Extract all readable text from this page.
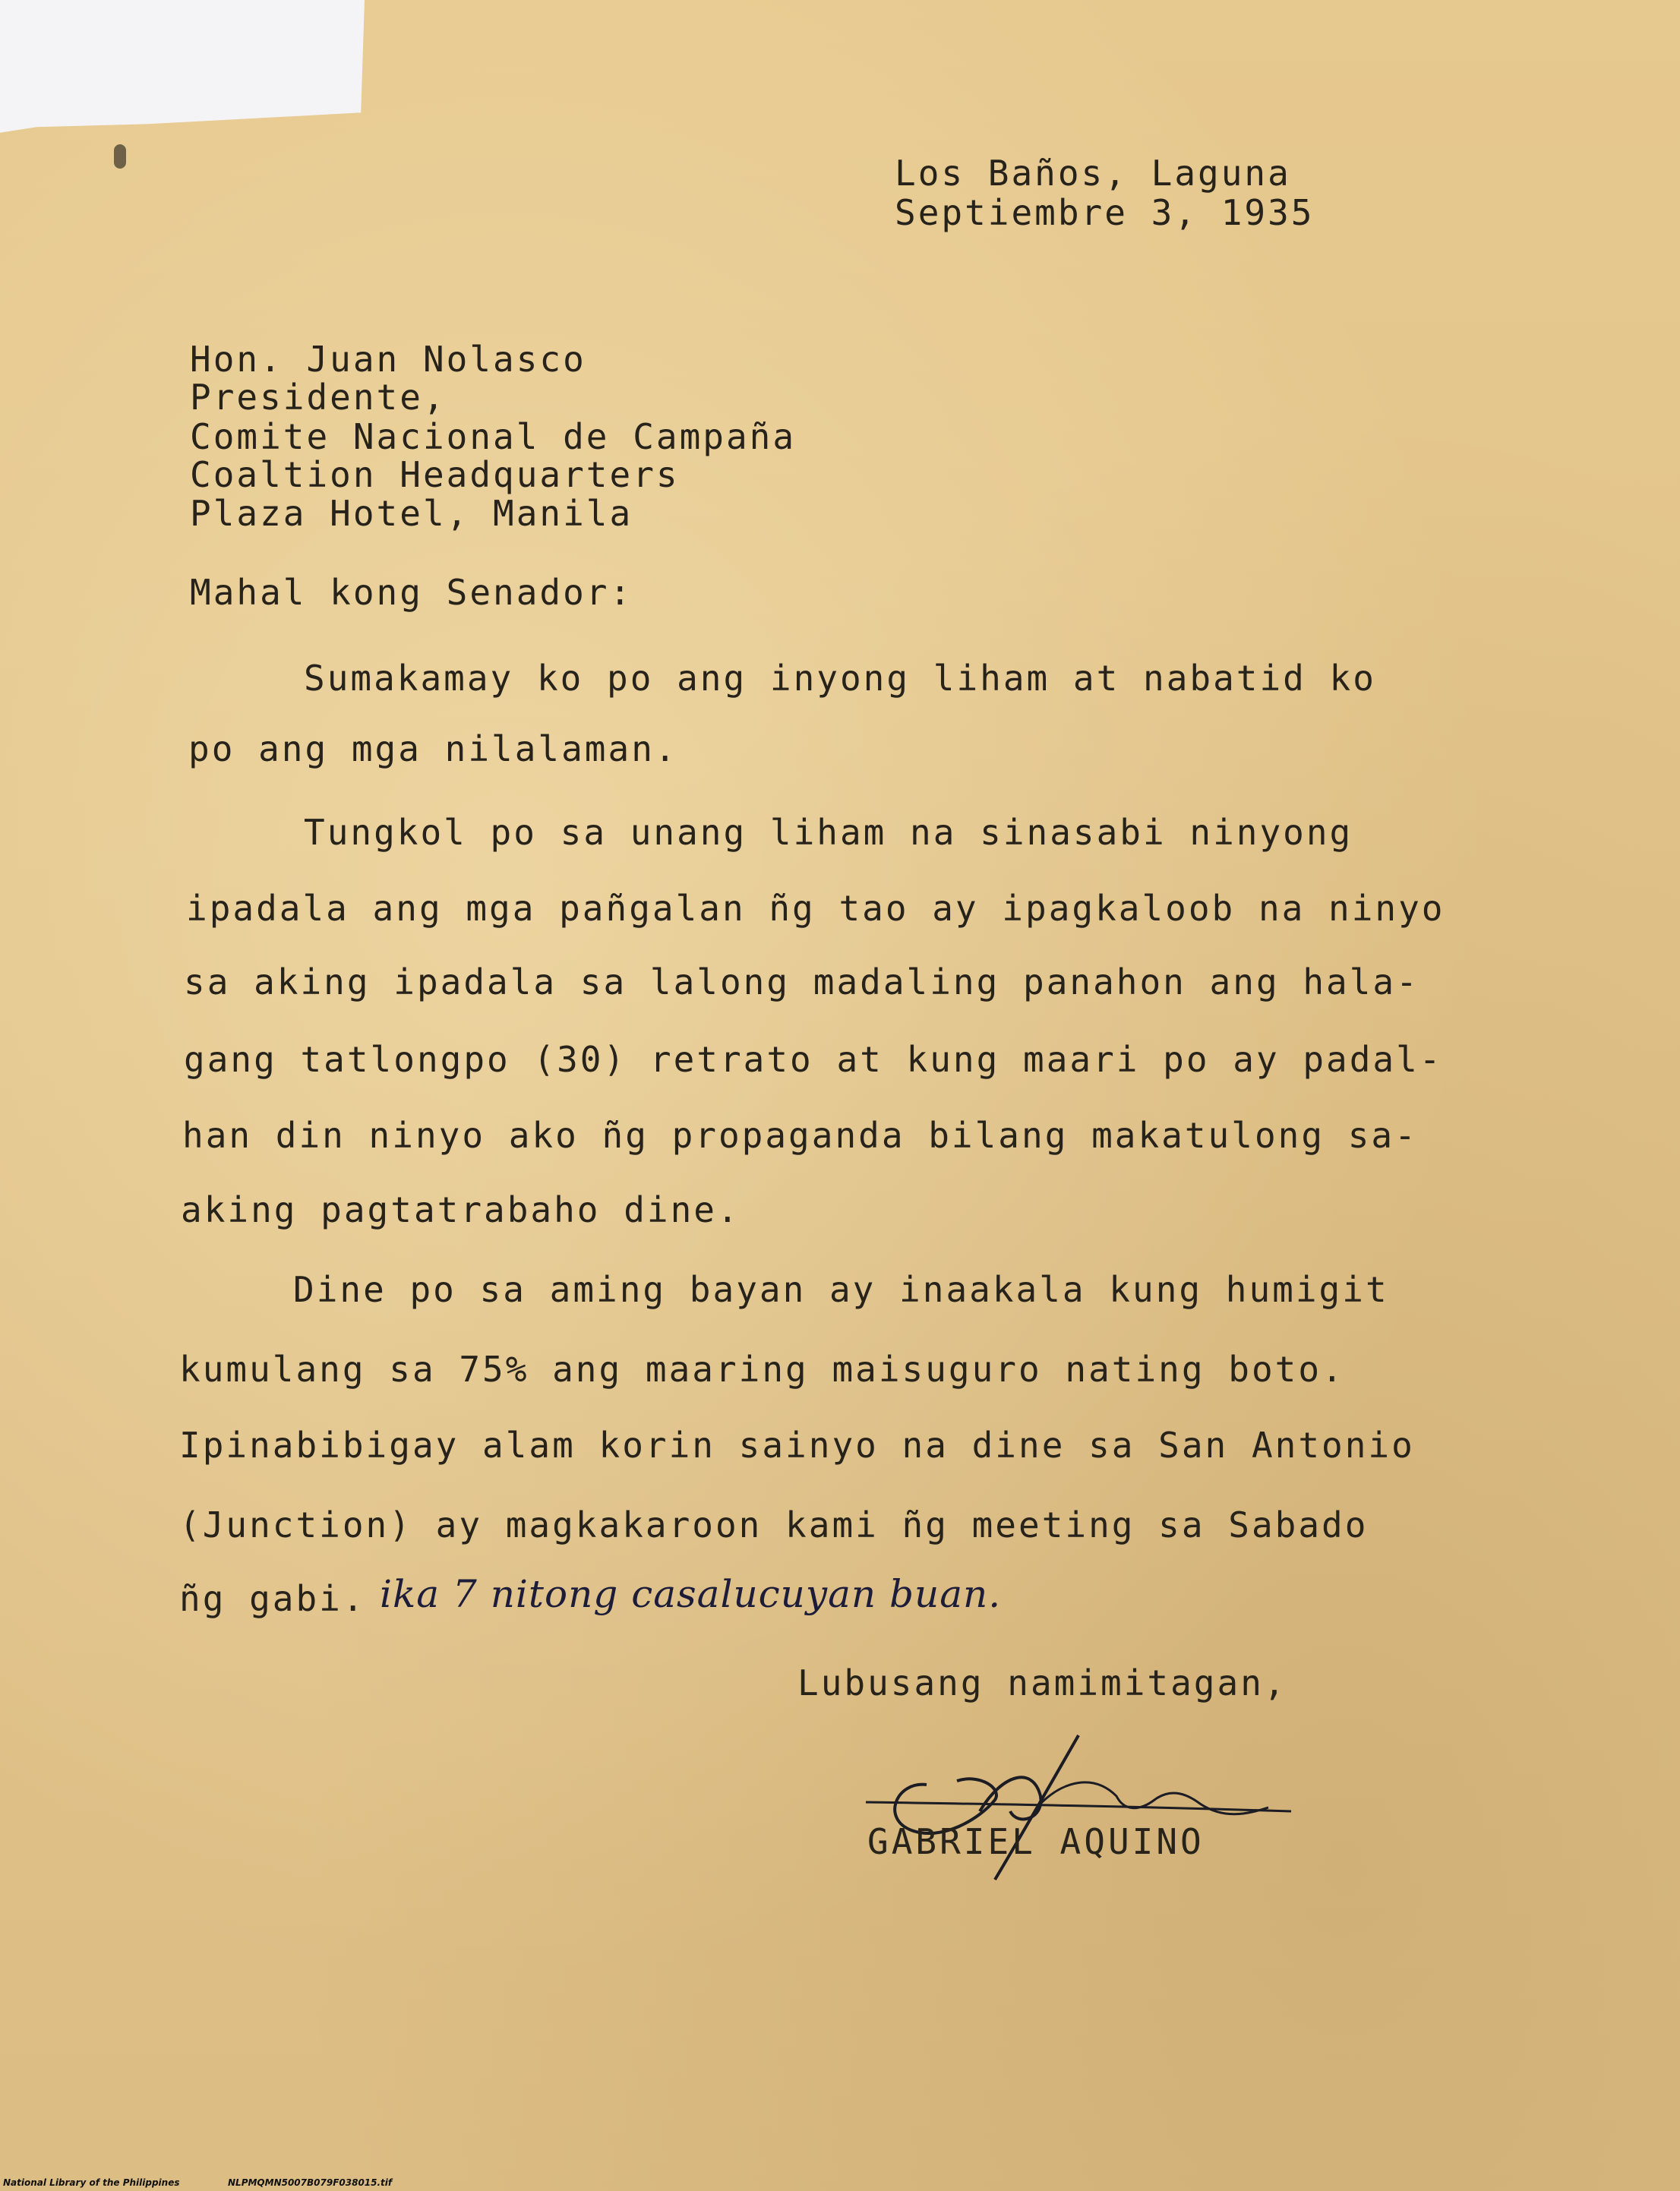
Los Baños, Laguna
Septiembre 3, 1935
Hon. Juan Nolasco
Presidente,
Comite Nacional de Campaña
Coaltion Headquarters
Plaza Hotel, Manila
Mahal kong Senador:
Sumakamay ko po ang inyong liham at nabatid ko
po ang mga nilalaman.
Tungkol po sa unang liham na sinasabi ninyong
ipadala ang mga pañgalan ñg tao ay ipagkaloob na ninyo
sa aking ipadala sa lalong madaling panahon ang hala-
gang tatlongpo (30) retrato at kung maari po ay padal-
han din ninyo ako ñg propaganda bilang makatulong sa-
aking pagtatrabaho dine.
Dine po sa aming bayan ay inaakala kung humigit
kumulang sa 75% ang maaring maisuguro nating boto.
Ipinabibigay alam korin sainyo na dine sa San Antonio
(Junction) ay magkakaroon kami ñg meeting sa Sabado
ñg gabi. ika 7 nitong casalucuyan buan.
Lubusang namimitagan,
GABRIEL AQUINO
National Library of the Philippines	NLPMQMN5007B079F038015.tif
